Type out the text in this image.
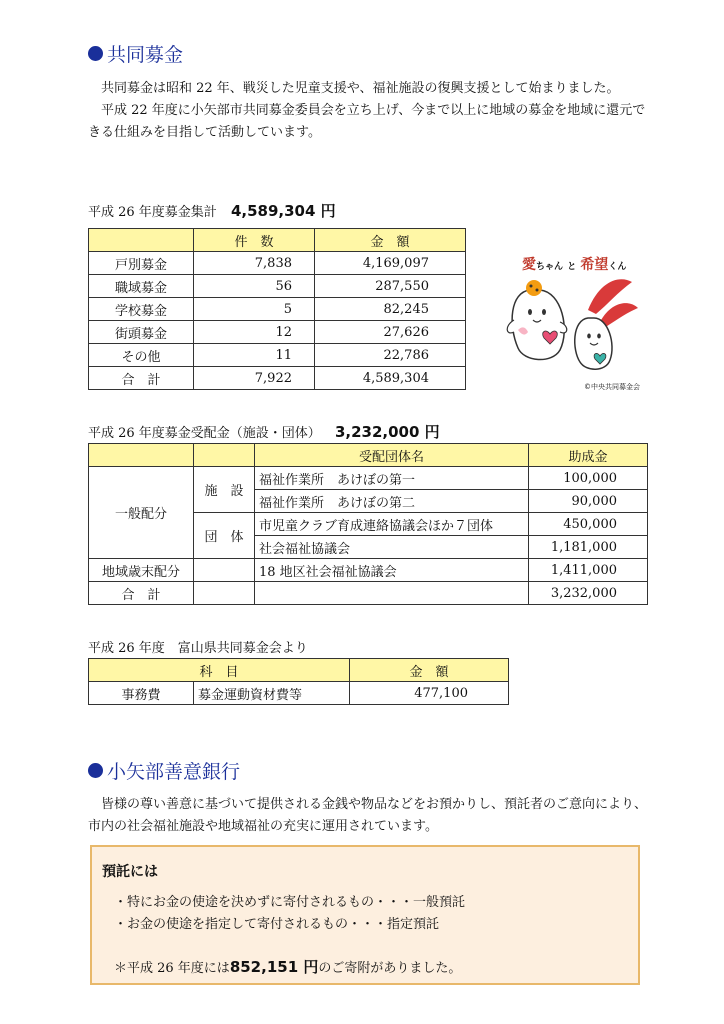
共同募金

共同募金は昭和 22 年、戦災した児童支援や、福祉施設の復興支援として始まりました。

平成 22 年度に小矢部市共同募金委員会を立ち上げ、今まで以上に地域の募金を地域に還元できる仕組みを目指して活動しています。

平成 26 年度募金集計 4,589,304 円
	件　数	金　額
戸別募金	7,838	4,169,097
職域募金	56	287,550
学校募金	5	82,245
街頭募金	12	27,626
その他	11	22,786
合　計	7,922	4,589,304
愛ちゃん と 希望くん
©中央共同募金会
平成 26 年度募金受配金（施設・団体） 3,232,000 円
		受配団体名	助成金
一般配分	施　設	福祉作業所　あけぼの第一	100,000
		福祉作業所　あけぼの第二	90,000
	団　体	市児童クラブ育成連絡協議会ほか７団体	450,000
		社会福祉協議会	1,181,000
地域歳末配分		18 地区社会福祉協議会	1,411,000
合　計			3,232,000
平成 26 年度　富山県共同募金会より
科　目		金　額
事務費	募金運動資材費等	477,100
小矢部善意銀行

皆様の尊い善意に基づいて提供される金銭や物品などをお預かりし、預託者のご意向により、市内の社会福祉施設や地域福祉の充実に運用されています。

預託には
・特にお金の使途を決めずに寄付されるもの・・・一般預託
・お金の使途を指定して寄付されるもの・・・指定預託
＊平成 26 年度には852,151 円のご寄附がありました。
